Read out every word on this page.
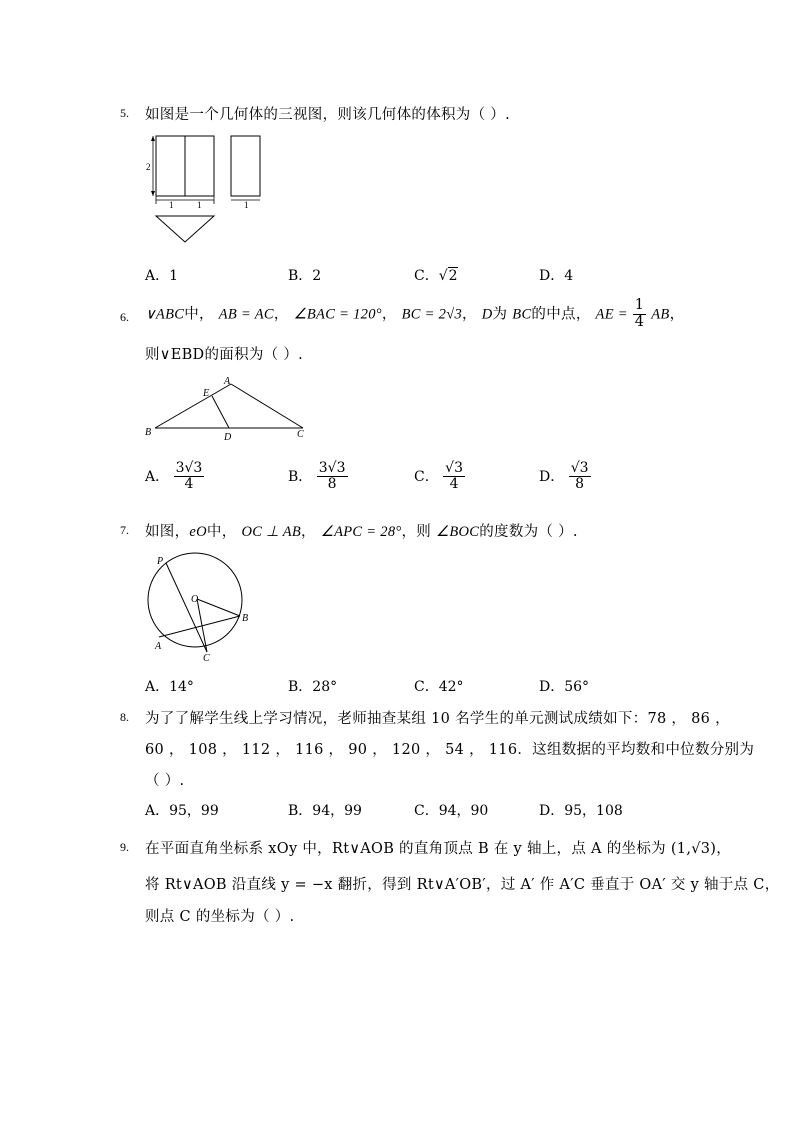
5. 如图是一个几何体的三视图，则该几何体的体积为（ ）.
2
1	1	1
A．1	B．2	C．√2	D．4
6. ∨ABC中， AB = AC， ∠BAC = 120°， BC = 2√3， D为 BC的中点， AE = $\frac{1}{4}$ AB，
则∨EBD的面积为（ ）.
A
E
B	D	C
A． $\frac{3√3}{4}$	B． $\frac{3√3}{8}$	C． $\frac{√3}{4}$	D． $\frac{√3}{8}$
7. 如图，eO中， OC ⊥ AB， ∠APC = 28°，则 ∠BOC的度数为（ ）.
P
O
B
A
C
A．14°	B．28°	C．42°	D．56°
8. 为了了解学生线上学习情况，老师抽查某组 10 名学生的单元测试成绩如下：78 ， 86 ，
60 ， 108 ， 112 ， 116 ， 90 ， 120 ， 54 ， 116．这组数据的平均数和中位数分别为
（ ）.
A．95，99	B．94，99	C．94，90	D．95，108
9. 在平面直角坐标系 xOy 中，Rt∨AOB 的直角顶点 B 在 y 轴上，点 A 的坐标为 (1,√3)，
将 Rt∨AOB 沿直线 y = −x 翻折，得到 Rt∨A′OB′，过 A′ 作 A′C 垂直于 OA′ 交 y 轴于点 C，
则点 C 的坐标为（ ）.
